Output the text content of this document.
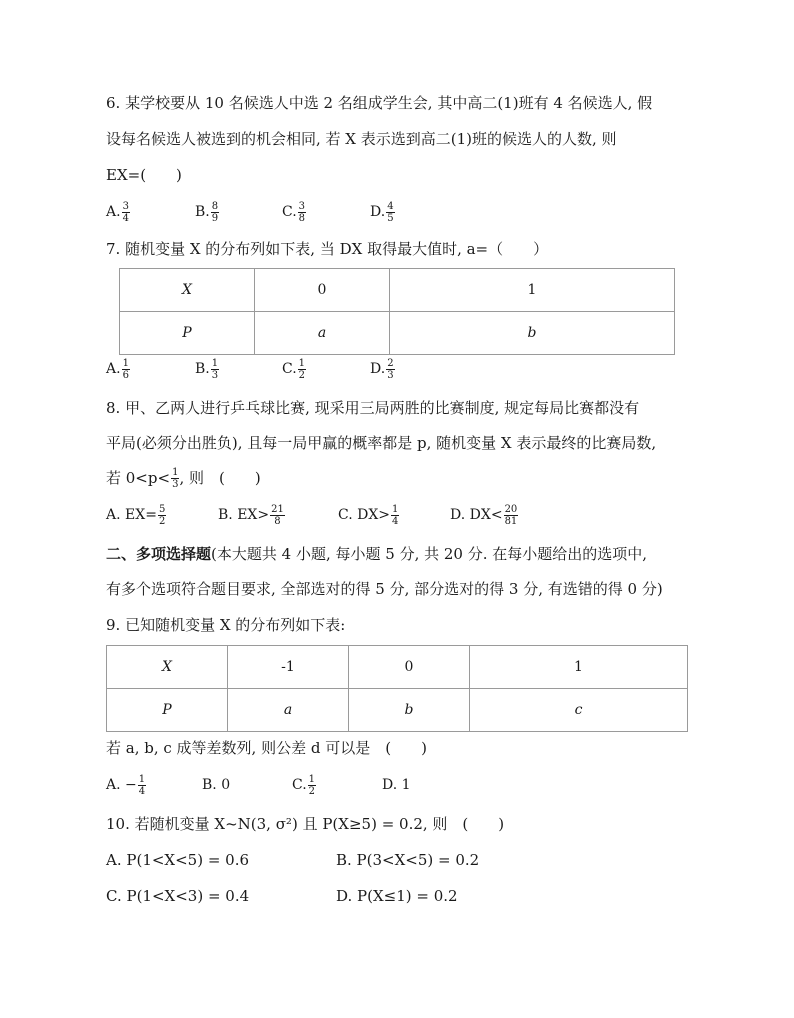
6. 某学校要从 10 名候选人中选 2 名组成学生会, 其中高二(1)班有 4 名候选人, 假
设每名候选人被选到的机会相同, 若 X 表示选到高二(1)班的候选人的人数, 则
EX=(　　)
A. $\frac{3}{4}$	B. $\frac{8}{9}$	C. $\frac{3}{8}$	D. $\frac{4}{5}$
7. 随机变量 X 的分布列如下表, 当 DX 取得最大值时, a=（　　）
X	0	1
P	a	b
A. $\frac{1}{6}$	B. $\frac{1}{3}$	C. $\frac{1}{2}$	D. $\frac{2}{3}$
8. 甲、乙两人进行乒乓球比赛, 现采用三局两胜的比赛制度, 规定每局比赛都没有
平局(必须分出胜负), 且每一局甲赢的概率都是 p, 随机变量 X 表示最终的比赛局数,
若 $0<p< \frac{1}{3}$ , 则　(　　)
A. $EX= \frac{5}{2}$	B. $EX> \frac{21}{8}$	C. $DX> \frac{1}{4}$	D. $DX< \frac{20}{81}$
二、多项选择题(本大题共 4 小题, 每小题 5 分, 共 20 分. 在每小题给出的选项中,
有多个选项符合题目要求, 全部选对的得 5 分, 部分选对的得 3 分, 有选错的得 0 分)
9. 已知随机变量 X 的分布列如下表:
X	-1	0	1
P	a	b	c
若 a, b, c 成等差数列, 则公差 d 可以是　(　　)
A. − $\frac{1}{4}$	B. 0	C. $\frac{1}{2}$	D. 1
10. 若随机变量 X~N(3, σ²) 且 P(X≥5) = 0.2, 则　(　　)
A. P(1<X<5) = 0.6	B. P(3<X<5) = 0.2
C. P(1<X<3) = 0.4	D. P(X≤1) = 0.2
